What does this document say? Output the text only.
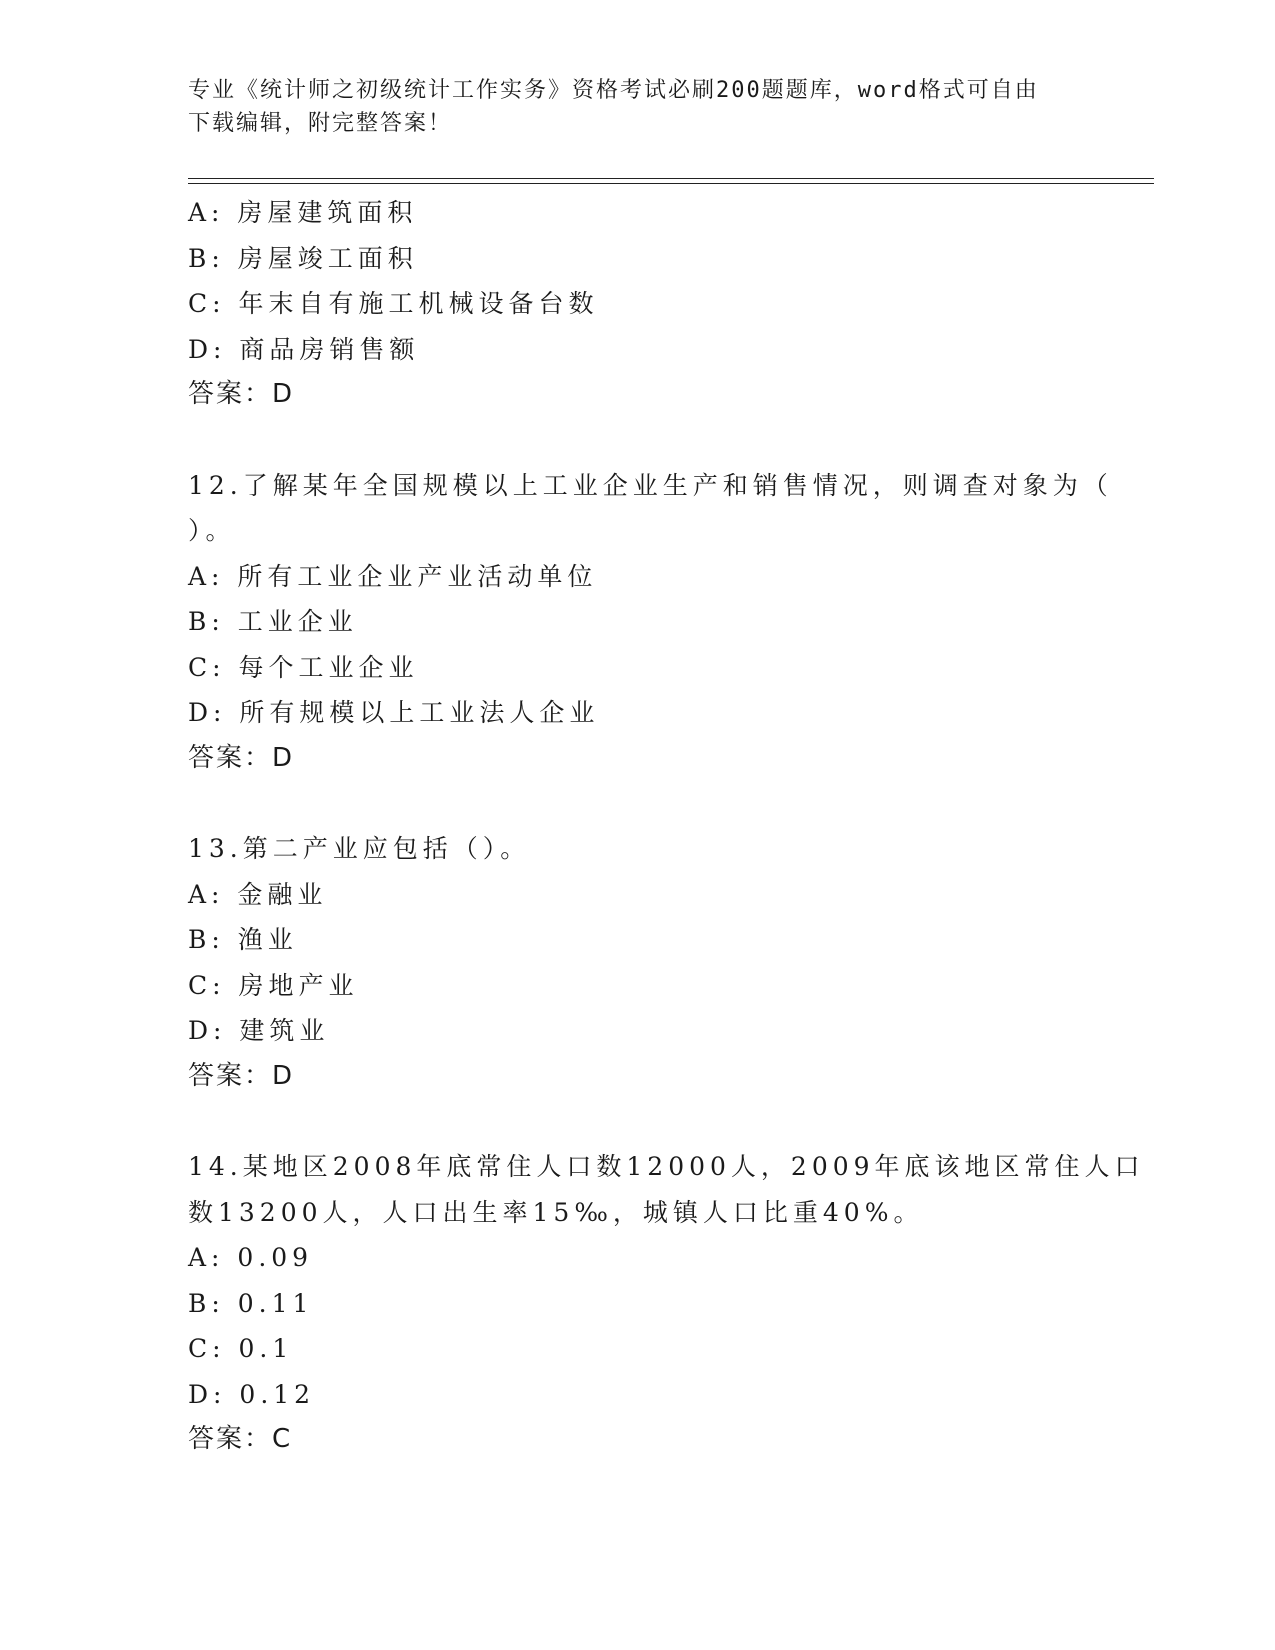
专业《统计师之初级统计工作实务》资格考试必刷200题题库，word格式可自由
下载编辑，附完整答案！
A: 房屋建筑面积
B: 房屋竣工面积
C: 年末自有施工机械设备台数
D: 商品房销售额
答案：D
12.了解某年全国规模以上工业企业生产和销售情况，则调查对象为（
）。
A: 所有工业企业产业活动单位
B: 工业企业
C: 每个工业企业
D: 所有规模以上工业法人企业
答案：D
13.第二产业应包括（）。
A: 金融业
B: 渔业
C: 房地产业
D: 建筑业
答案：D
14.某地区2008年底常住人口数12000人，2009年底该地区常住人口
数13200人，人口出生率15‰，城镇人口比重40%。
A: 0.09
B: 0.11
C: 0.1
D: 0.12
答案：C
